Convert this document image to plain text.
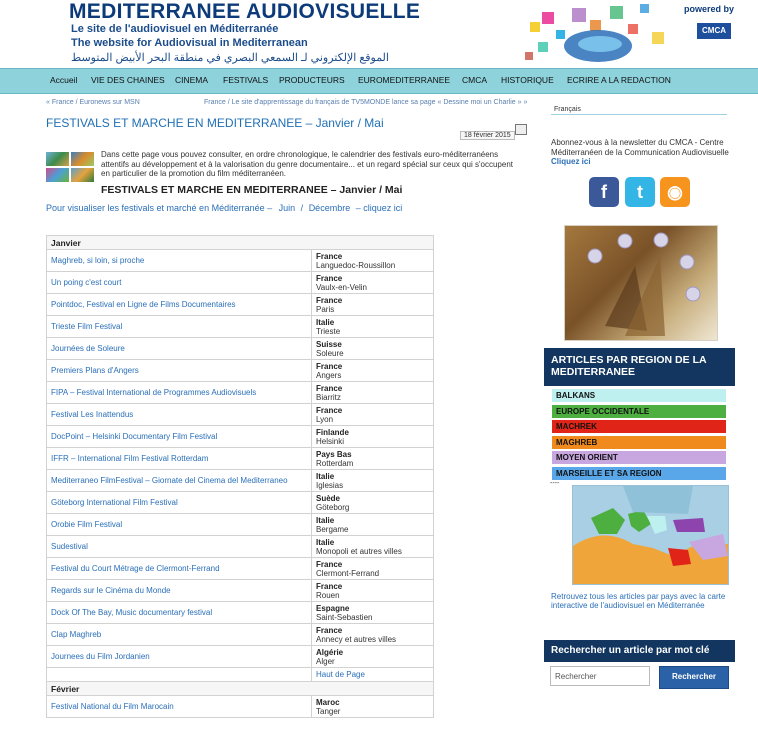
MEDITERRANEE AUDIOVISUELLE
Le site de l'audiovisuel en Méditerranée
The website for Audiovisual in Mediterranean
الموقع الإلكتروني لـ السمعي البصري في منطقة البحر الأبيض المتوسط
powered by
CMCA
Accueil VIE DES CHAINES CINEMA FESTIVALS PRODUCTEURS EUROMEDITERRANEE CMCA HISTORIQUE ECRIRE A LA REDACTION
« France / Euronews sur MSN	France / Le site d'apprentissage du français de TV5MONDE lance sa page « Dessine moi un Charlie » »
FESTIVALS ET MARCHE EN MEDITERRANEE – Janvier / Mai
18 février 2015
Dans cette page vous pouvez consulter, en ordre chronologique, le calendrier des festivals euro-méditerranéens attentifs au développement et à la valorisation du genre documentaire... et un regard spécial sur ceux qui s'occupent en particulier de la promotion du film méditerranéen.
FESTIVALS ET MARCHE EN MEDITERRANEE – Janvier / Mai
Pour visualiser les festivals et marché en Méditerranée – Juin / Décembre – cliquez ici
Janvier	
Maghreb, si loin, si proche	France
Languedoc-Roussillon

Un poing c'est court	France
Vaulx-en-Velin

Pointdoc, Festival en Ligne de Films Documentaires	France
Paris

Trieste Film Festival	Italie
Trieste

Journées de Soleure	Suisse
Soleure

Premiers Plans d'Angers	France
Angers

FIPA – Festival International de Programmes Audiovisuels	France
Biarritz

Festival Les Inattendus	France
Lyon

DocPoint – Helsinki Documentary Film Festival	Finlande
Helsinki

IFFR – International Film Festival Rotterdam	Pays Bas
Rotterdam

Mediterraneo FilmFestival – Giornate del Cinema del Mediterraneo	Italie
Iglesias

Göteborg International Film Festival	Suède
Göteborg

Orobie Film Festival	Italie
Bergame

Sudestival	Italie
Monopoli et autres villes

Festival du Court Métrage de Clermont-Ferrand	France
Clermont-Ferrand

Regards sur le Cinéma du Monde	France
Rouen

Dock Of The Bay, Music documentary festival	Espagne
Saint-Sebastien

Clap Maghreb	France
Annecy et autres villes

Journees du Film Jordanien	Algérie
Alger

	Haut de Page
Février	
Festival National du Film Marocain	Maroc
Tanger
Français
Abonnez-vous à la newsletter du CMCA - Centre Méditerranéen de la Communication Audiovisuelle Cliquez ici
f	t	◉
ARTICLES PAR REGION DE LA MEDITERRANEE
BALKANS
EUROPE OCCIDENTALE
MACHREK
MAGHREB
MOYEN ORIENT
MARSEILLE ET SA REGION
----
Retrouvez tous les articles par pays avec la carte interactive de l'audiovisuel en Méditerranée
Rechercher un article par mot clé
Rechercher	Rechercher
